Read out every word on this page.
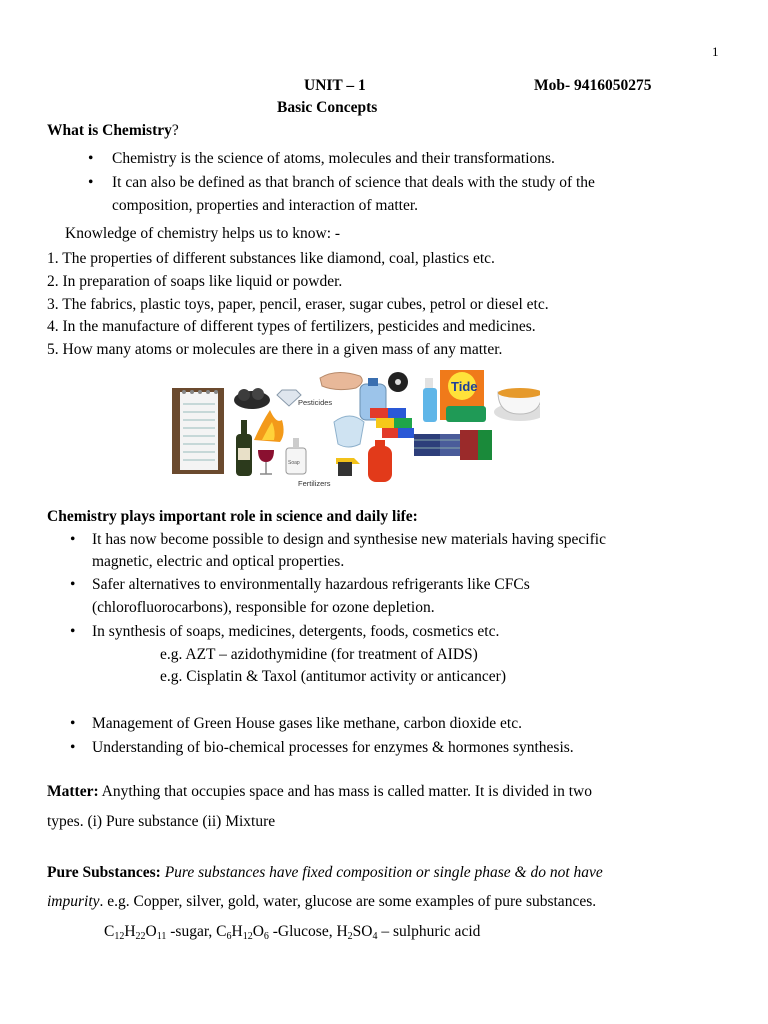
1
UNIT – 1	Mob- 9416050275
Basic Concepts
What is Chemistry?
• Chemistry is the science of atoms, molecules and their transformations.
• It can also be defined as that branch of science that deals with the study of the
composition, properties and interaction of matter.
Knowledge of chemistry helps us to know: -
1. The properties of different substances like diamond, coal, plastics etc.
2. In preparation of soaps like liquid or powder.
3. The fabrics, plastic toys, paper, pencil, eraser, sugar cubes, petrol or diesel etc.
4. In the manufacture of different types of fertilizers, pesticides and medicines.
5. How many atoms or molecules are there in a given mass of any matter.
Pesticides
Tide
Soap
Fertilizers
Chemistry plays important role in science and daily life:
• It has now become possible to design and synthesise new materials having specific
magnetic, electric and optical properties.
• Safer alternatives to environmentally hazardous refrigerants like CFCs
(chlorofluorocarbons), responsible for ozone depletion.
• In synthesis of soaps, medicines, detergents, foods, cosmetics etc.
e.g. AZT – azidothymidine (for treatment of AIDS)
e.g. Cisplatin & Taxol (antitumor activity or anticancer)
• Management of Green House gases like methane, carbon dioxide etc.
• Understanding of bio-chemical processes for enzymes & hormones synthesis.
Matter: Anything that occupies space and has mass is called matter. It is divided in two
types. (i) Pure substance (ii) Mixture
Pure Substances: Pure substances have fixed composition or single phase & do not have
impurity. e.g. Copper, silver, gold, water, glucose are some examples of pure substances.
$C_{12}H_{22}O_{11}$ -sugar, $C_6H_{12}O_6$ -Glucose, $H_2SO_4$ – sulphuric acid
